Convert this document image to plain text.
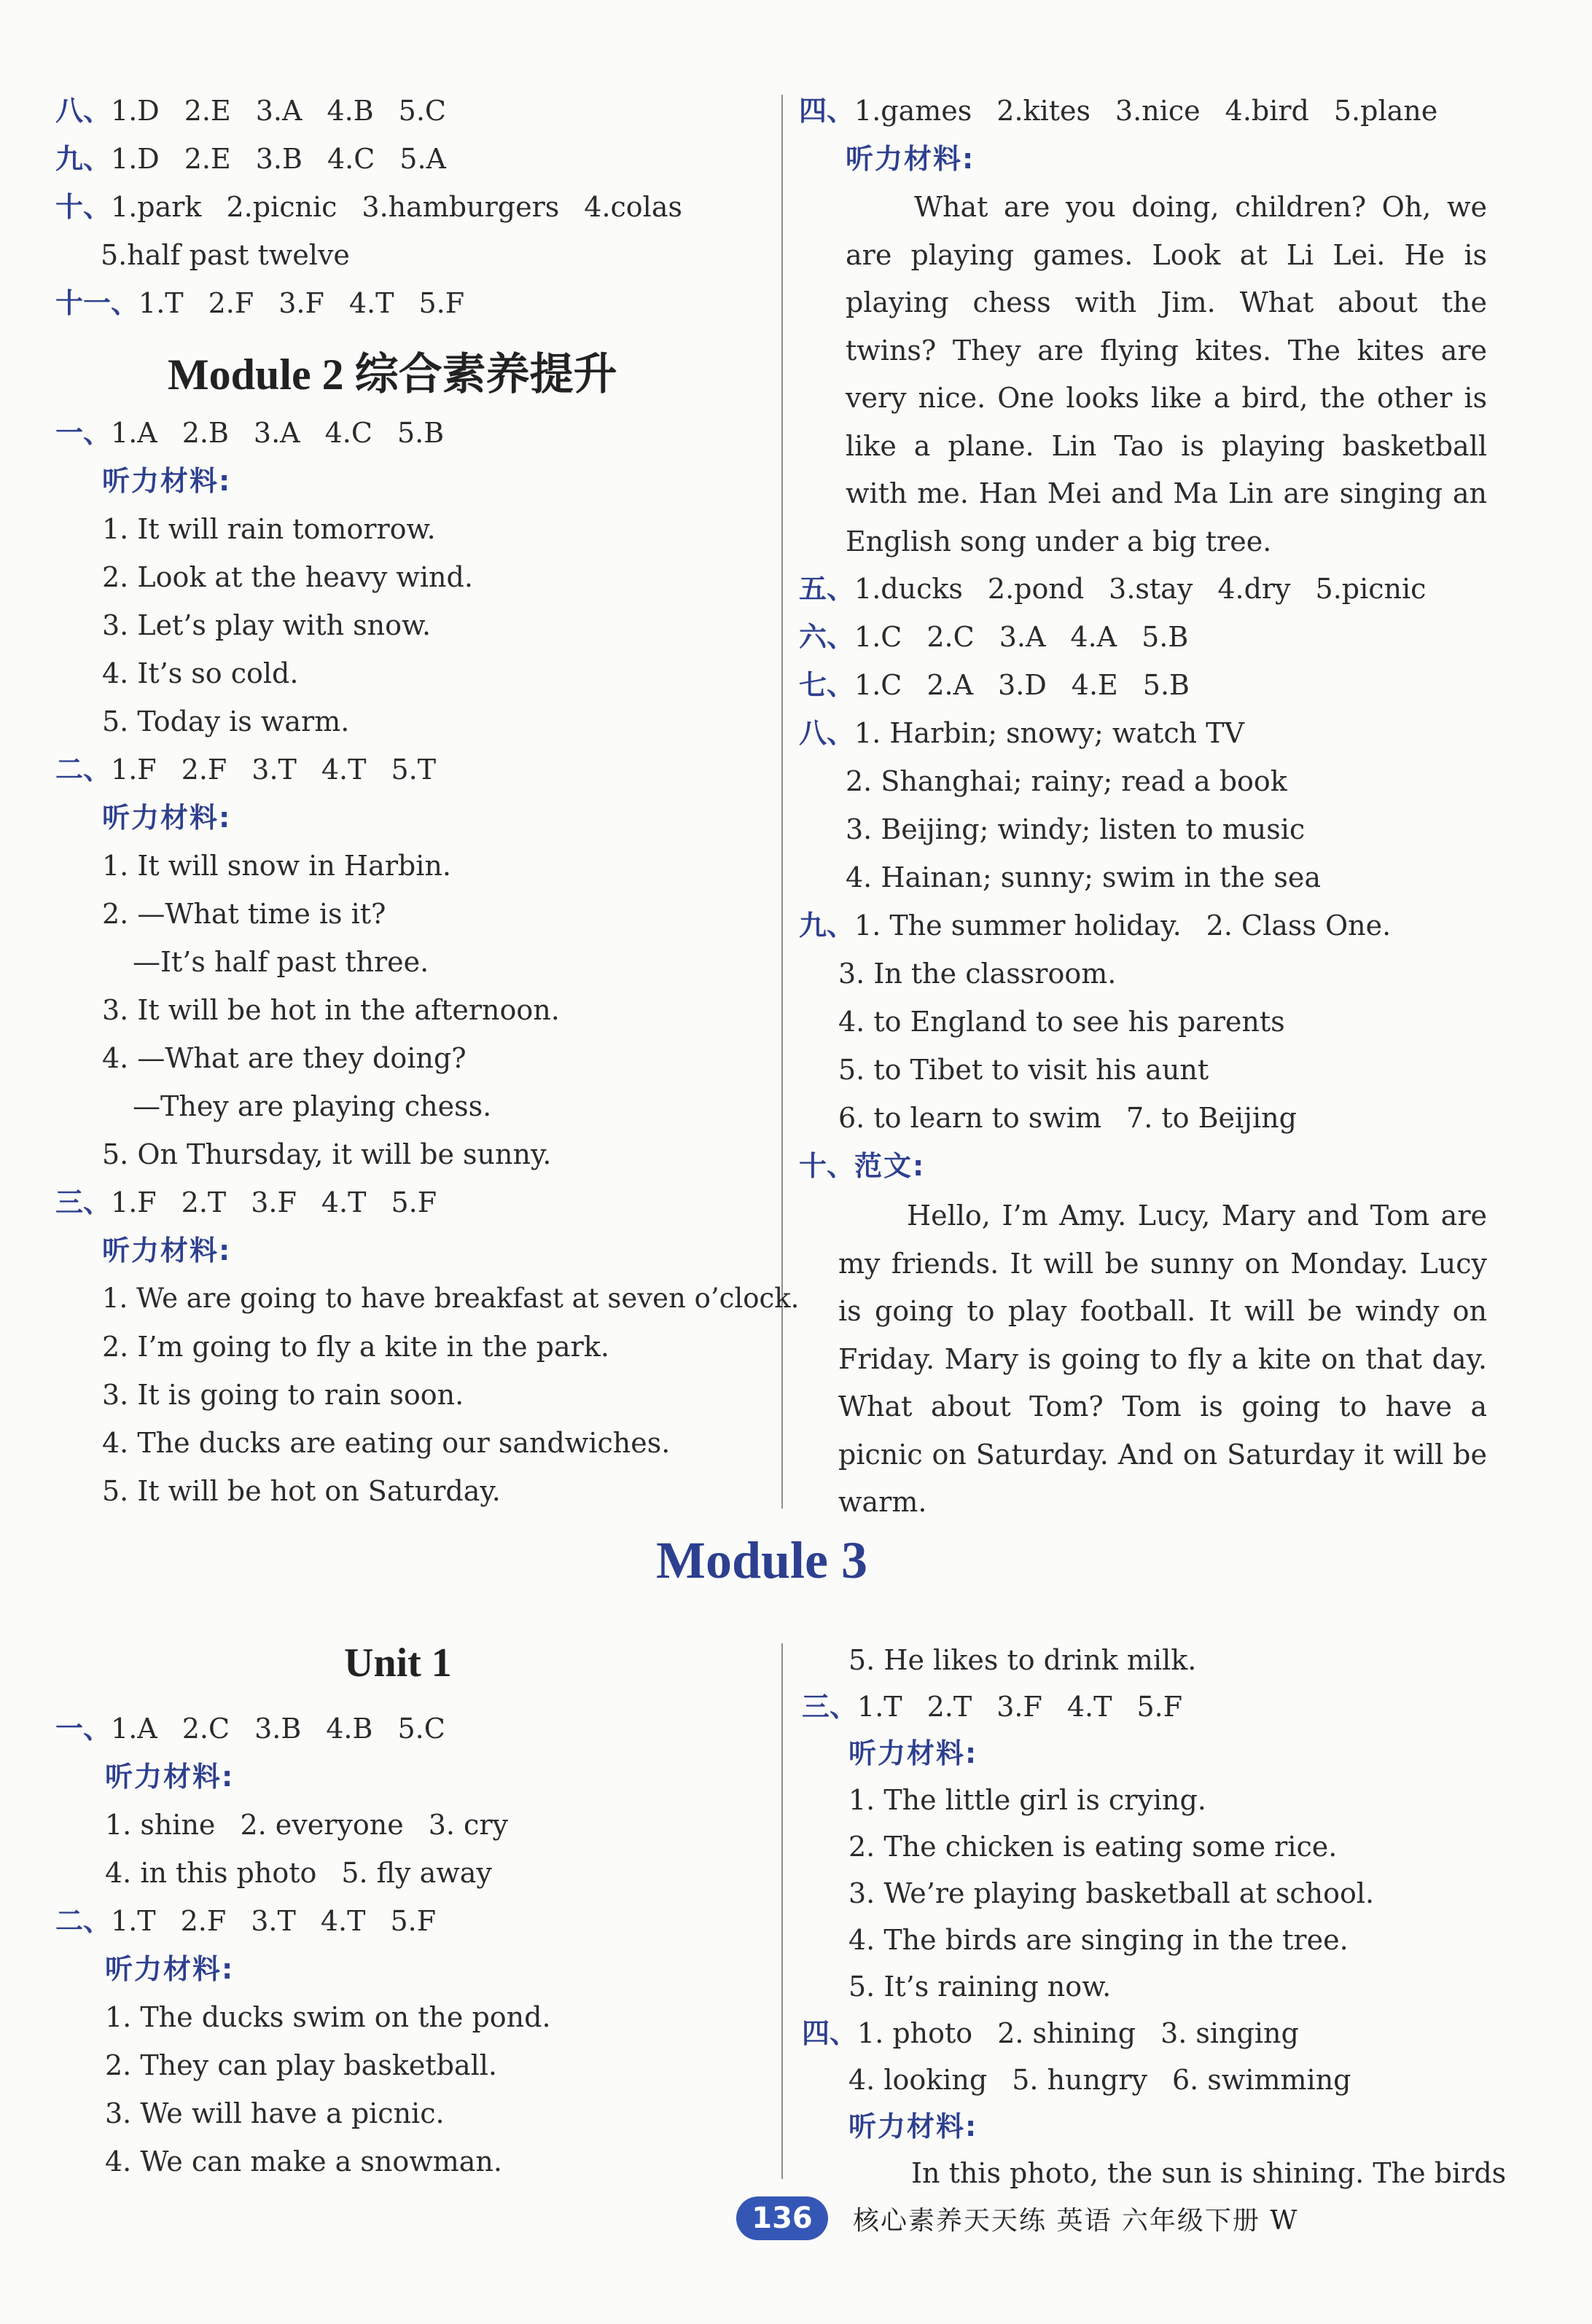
八、1.D 2.E 3.A 4.B 5.C
九、1.D 2.E 3.B 4.C 5.A
十、1.park 2.picnic 3.hamburgers 4.colas
5.half past twelve
十一、1.T 2.F 3.F 4.T 5.F
Module 2 综合素养提升
一、1.A 2.B 3.A 4.C 5.B
听力材料:
1. It will rain tomorrow.
2. Look at the heavy wind.
3. Let’s play with snow.
4. It’s so cold.
5. Today is warm.
二、1.F 2.F 3.T 4.T 5.T
听力材料:
1. It will snow in Harbin.
2. —What time is it?
—It’s half past three.
3. It will be hot in the afternoon.
4. —What are they doing?
—They are playing chess.
5. On Thursday, it will be sunny.
三、1.F 2.T 3.F 4.T 5.F
听力材料:
1. We are going to have breakfast at seven o’clock.
2. I’m going to fly a kite in the park.
3. It is going to rain soon.
4. The ducks are eating our sandwiches.
5. It will be hot on Saturday.
四、1.games 2.kites 3.nice 4.bird 5.plane
听力材料:
What are you doing, children? Oh, we are playing games. Look at Li Lei. He is playing chess with Jim. What about the twins? They are flying kites. The kites are very nice. One looks like a bird, the other is like a plane. Lin Tao is playing basketball with me. Han Mei and Ma Lin are singing an English song under a big tree.
五、1.ducks 2.pond 3.stay 4.dry 5.picnic
六、1.C 2.C 3.A 4.A 5.B
七、1.C 2.A 3.D 4.E 5.B
八、1. Harbin; snowy; watch TV
2. Shanghai; rainy; read a book
3. Beijing; windy; listen to music
4. Hainan; sunny; swim in the sea
九、1. The summer holiday. 2. Class One.
3. In the classroom.
4. to England to see his parents
5. to Tibet to visit his aunt
6. to learn to swim 7. to Beijing
十、范文:
Hello, I’m Amy. Lucy, Mary and Tom are my friends. It will be sunny on Monday. Lucy is going to play football. It will be windy on Friday. Mary is going to fly a kite on that day. What about Tom? Tom is going to have a picnic on Saturday. And on Saturday it will be warm.
Module 3
Unit 1
一、1.A 2.C 3.B 4.B 5.C
听力材料:
1. shine 2. everyone 3. cry
4. in this photo 5. fly away
二、1.T 2.F 3.T 4.T 5.F
听力材料:
1. The ducks swim on the pond.
2. They can play basketball.
3. We will have a picnic.
4. We can make a snowman.
5. He likes to drink milk.
三、1.T 2.T 3.F 4.T 5.F
听力材料:
1. The little girl is crying.
2. The chicken is eating some rice.
3. We’re playing basketball at school.
4. The birds are singing in the tree.
5. It’s raining now.
四、1. photo 2. shining 3. singing
4. looking 5. hungry 6. swimming
听力材料:
In this photo, the sun is shining. The birds
136	核心素养天天练 英语 六年级下册 W
